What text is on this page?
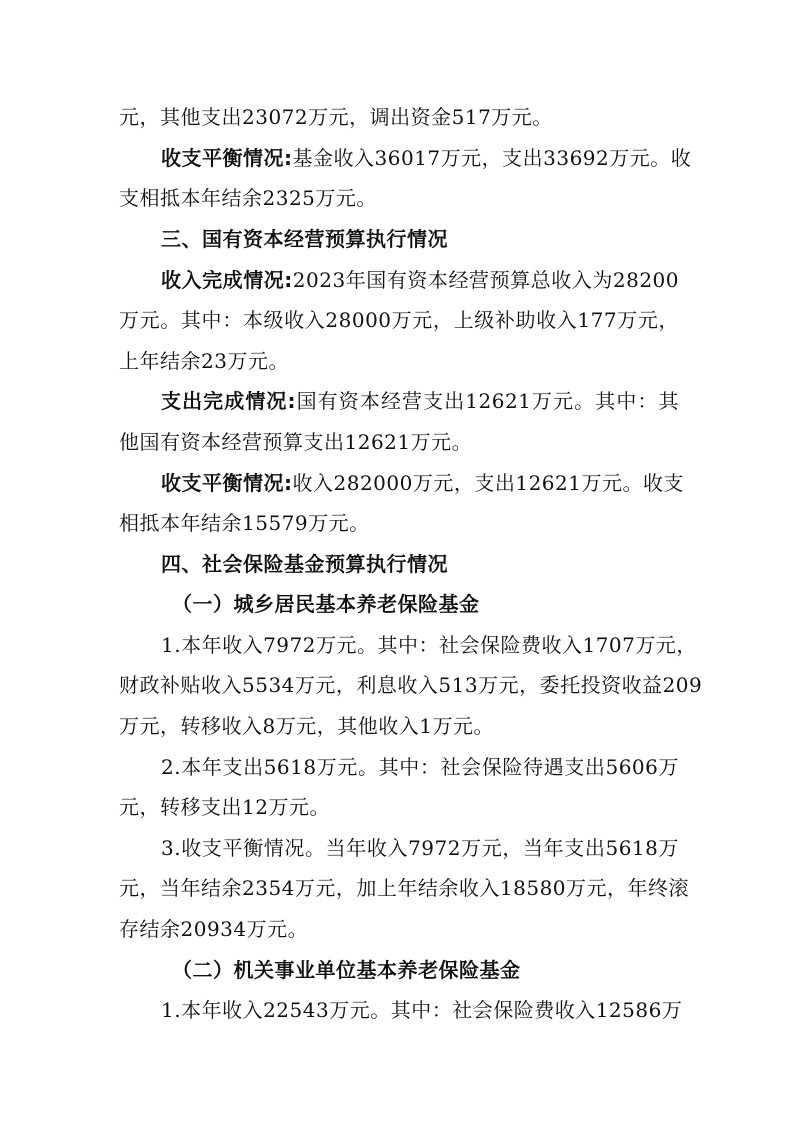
元，其他支出23072万元，调出资金517万元。
收支平衡情况:基金收入36017万元，支出33692万元。收
支相抵本年结余2325万元。
三、国有资本经营预算执行情况
收入完成情况:2023年国有资本经营预算总收入为28200
万元。其中：本级收入28000万元，上级补助收入177万元，
上年结余23万元。
支出完成情况:国有资本经营支出12621万元。其中：其
他国有资本经营预算支出12621万元。
收支平衡情况:收入282000万元，支出12621万元。收支
相抵本年结余15579万元。
四、社会保险基金预算执行情况
（一）城乡居民基本养老保险基金
1.本年收入7972万元。其中：社会保险费收入1707万元，
财政补贴收入5534万元，利息收入513万元，委托投资收益209
万元，转移收入8万元，其他收入1万元。
2.本年支出5618万元。其中：社会保险待遇支出5606万
元，转移支出12万元。
3.收支平衡情况。当年收入7972万元，当年支出5618万
元，当年结余2354万元，加上年结余收入18580万元，年终滚
存结余20934万元。
（二）机关事业单位基本养老保险基金
1.本年收入22543万元。其中：社会保险费收入12586万
